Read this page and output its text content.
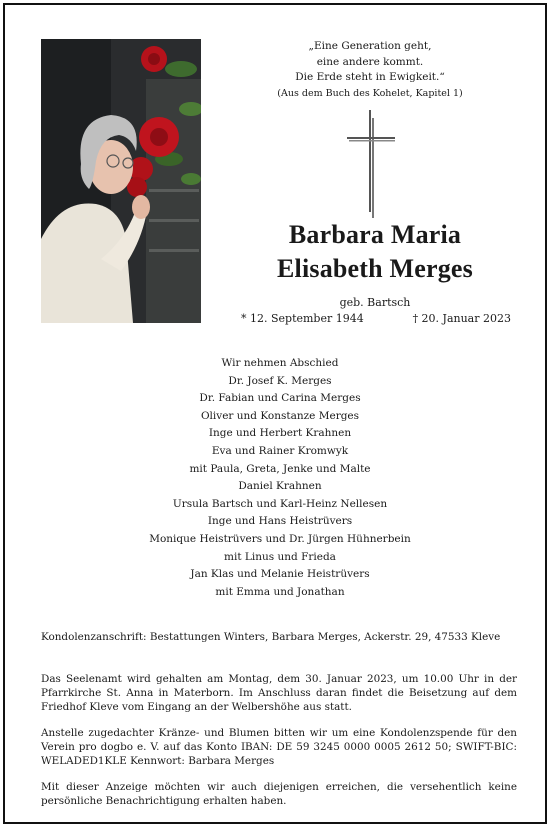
„Eine Generation geht,
eine andere kommt.
Die Erde steht in Ewigkeit.“
(Aus dem Buch des Kohelet, Kapitel 1)
Barbara Maria
Elisabeth Merges
geb. Bartsch
* 12. September 1944	† 20. Januar 2023
Wir nehmen Abschied
Dr. Josef K. Merges
Dr. Fabian und Carina Merges
Oliver und Konstanze Merges
Inge und Herbert Krahnen
Eva und Rainer Kromwyk
mit Paula, Greta, Jenke und Malte
Daniel Krahnen
Ursula Bartsch und Karl-Heinz Nellesen
Inge und Hans Heistrüvers
Monique Heistrüvers und Dr. Jürgen Hühnerbein
mit Linus und Frieda
Jan Klas und Melanie Heistrüvers
mit Emma und Jonathan
Kondolenzanschrift: Bestattungen Winters, Barbara Merges, Ackerstr. 29, 47533 Kleve
Das Seelenamt wird gehalten am Montag, dem 30. Januar 2023, um 10.00 Uhr in der Pfarrkirche St. Anna in Materborn. Im Anschluss daran findet die Beisetzung auf dem Friedhof Kleve vom Eingang an der Welbershöhe aus statt.
Anstelle zugedachter Kränze- und Blumen bitten wir um eine Kondolenzspende für den Verein pro dogbo e. V. auf das Konto IBAN: DE 59 3245 0000 0005 2612 50; SWIFT-BIC: WELADED1KLE Kennwort: Barbara Merges
Mit dieser Anzeige möchten wir auch diejenigen erreichen, die versehentlich keine persönliche Benachrichtigung erhalten haben.
